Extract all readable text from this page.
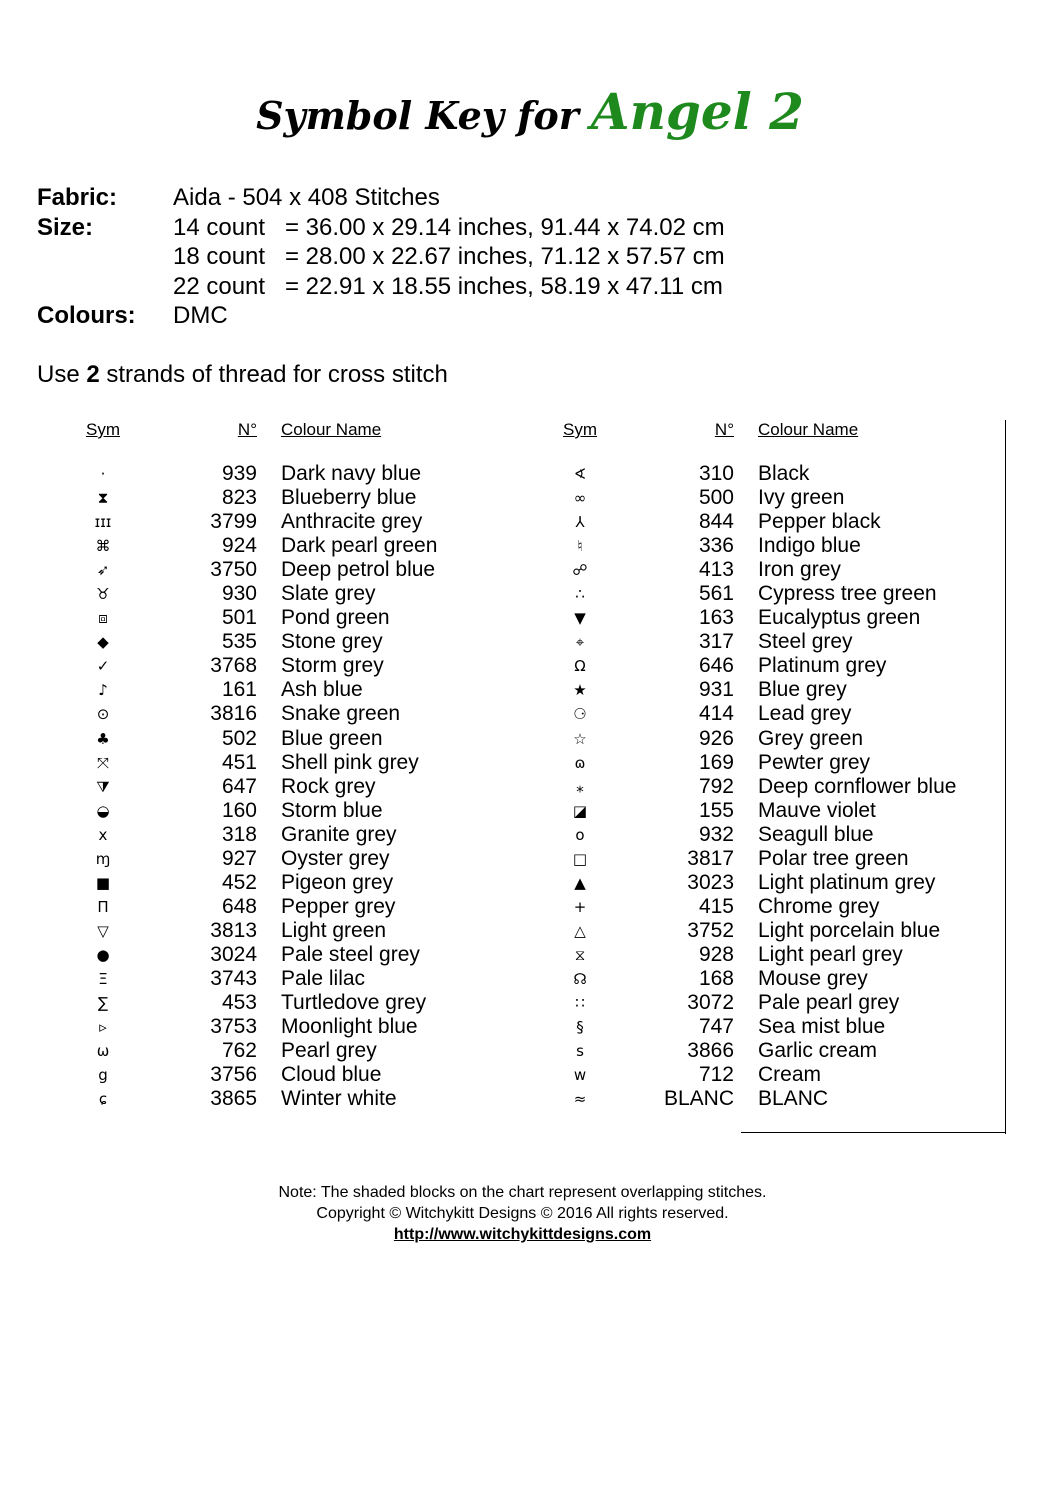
Symbol Key for Angel 2
Fabric:	Aida - 504 x 408 Stitches
Size:	14 count = 36.00 x 29.14 inches, 91.44 x 74.02 cm
18 count = 28.00 x 22.67 inches, 71.12 x 57.57 cm
22 count = 22.91 x 18.55 inches, 58.19 x 47.11 cm
Colours:	DMC
Use 2 strands of thread for cross stitch
Sym	N°	Colour Name
·	939	Dark navy blue
⧗	823	Blueberry blue
ɪɪɪ	3799	Anthracite grey
⌘	924	Dark pearl green
➶	3750	Deep petrol blue
♉	930	Slate grey
⧈	501	Pond green
◆	535	Stone grey
✓	3768	Storm grey
♪	161	Ash blue
⊙	3816	Snake green
♣	502	Blue green
⤧	451	Shell pink grey
⧩	647	Rock grey
◒	160	Storm blue
x	318	Granite grey
ɱ	927	Oyster grey
■	452	Pigeon grey
Π	648	Pepper grey
▽	3813	Light green
●	3024	Pale steel grey
Ξ	3743	Pale lilac
∑	453	Turtledove grey
▹	3753	Moonlight blue
ω	762	Pearl grey
g	3756	Cloud blue
ɕ	3865	Winter white
Sym	N°	Colour Name
∢	310	Black
∞	500	Ivy green
⅄	844	Pepper black
♮	336	Indigo blue
☍	413	Iron grey
∴	561	Cypress tree green
▼	163	Eucalyptus green
⌖	317	Steel grey
Ω	646	Platinum grey
★	931	Blue grey
⚆	414	Lead grey
☆	926	Grey green
ɷ	169	Pewter grey
⁎	792	Deep cornflower blue
◪	155	Mauve violet
o	932	Seagull blue
□	3817	Polar tree green
▲	3023	Light platinum grey
+	415	Chrome grey
△	3752	Light porcelain blue
⧖	928	Light pearl grey
☊	168	Mouse grey
∷	3072	Pale pearl grey
§	747	Sea mist blue
s	3866	Garlic cream
w	712	Cream
≈	BLANC	BLANC
Note: The shaded blocks on the chart represent overlapping stitches.
Copyright © Witchykitt Designs © 2016 All rights reserved.
http://www.witchykittdesigns.com
